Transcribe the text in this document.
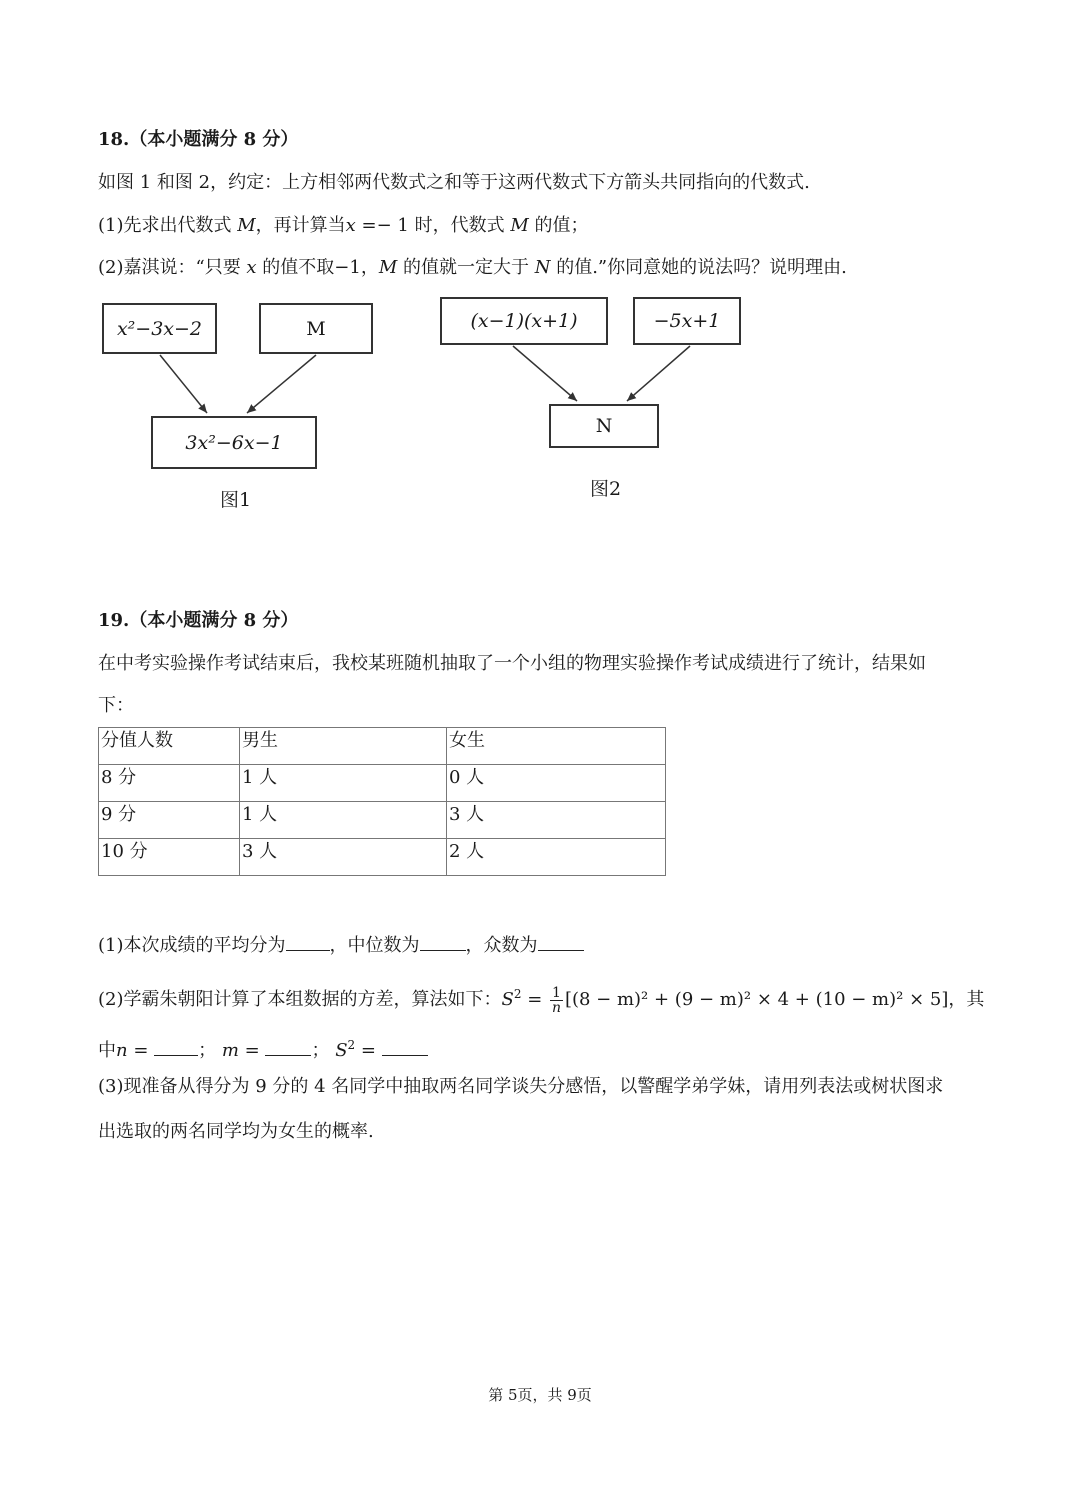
18.（本小题满分 8 分）
如图 1 和图 2，约定：上方相邻两代数式之和等于这两代数式下方箭头共同指向的代数式.
(1)先求出代数式 M，再计算当x =− 1 时，代数式 M 的值；
(2)嘉淇说：“只要 x 的值不取−1，M 的值就一定大于 N 的值.”你同意她的说法吗？说明理由.
x²−3x−2	M
3x²−6x−1
图1
(x−1)(x+1)	−5x+1
N
图2
19.（本小题满分 8 分）
在中考实验操作考试结束后，我校某班随机抽取了一个小组的物理实验操作考试成绩进行了统计，结果如
下：
分值人数	男生	女生
8 分	1 人	0 人
9 分	1 人	3 人
10 分	3 人	2 人
(1)本次成绩的平均分为 ，中位数为	，众数为
(2)学霸朱朝阳计算了本组数据的方差，算法如下：$S^2 = \frac{1}{n} [(8 - m)^2 + (9 - m)^2 \times 4 + (10 - m)^2 \times 5]$，其
中n = ； m =	； $S^2$ =
(3)现准备从得分为 9 分的 4 名同学中抽取两名同学谈失分感悟，以警醒学弟学妹，请用列表法或树状图求
出选取的两名同学均为女生的概率.
第 5页，共 9页
